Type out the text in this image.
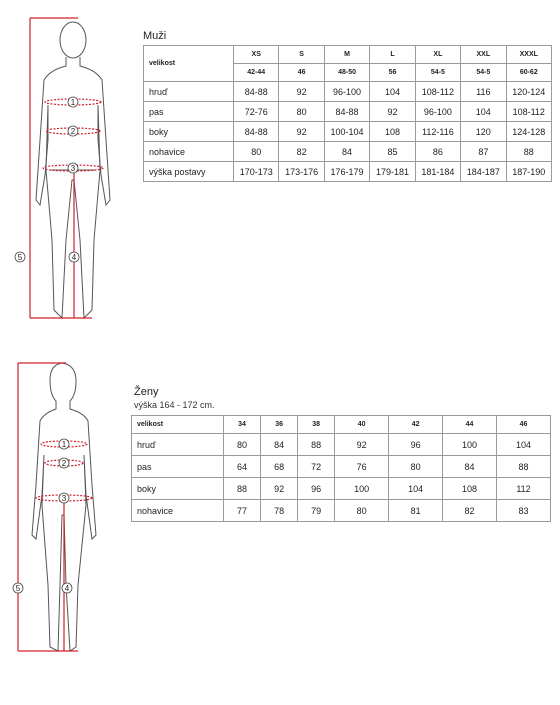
1
2
3
4
5
Muži
velikost	XS	S	M	L	XL	XXL	XXXL
	42-44	46	48-50	56	54-5	54-5	60-62
hruď	84-88	92	96-100	104	108-112	116	120-124
pas	72-76	80	84-88	92	96-100	104	108-112
boky	84-88	92	100-104	108	112-116	120	124-128
nohavice	80	82	84	85	86	87	88
výška postavy	170-173	173-176	176-179	179-181	181-184	184-187	187-190
1
2
3
4
5
Ženy
výška 164 - 172 cm.
velikost	34	36	38	40	42	44	46
hruď	80	84	88	92	96	100	104
pas	64	68	72	76	80	84	88
boky	88	92	96	100	104	108	112
nohavice	77	78	79	80	81	82	83
